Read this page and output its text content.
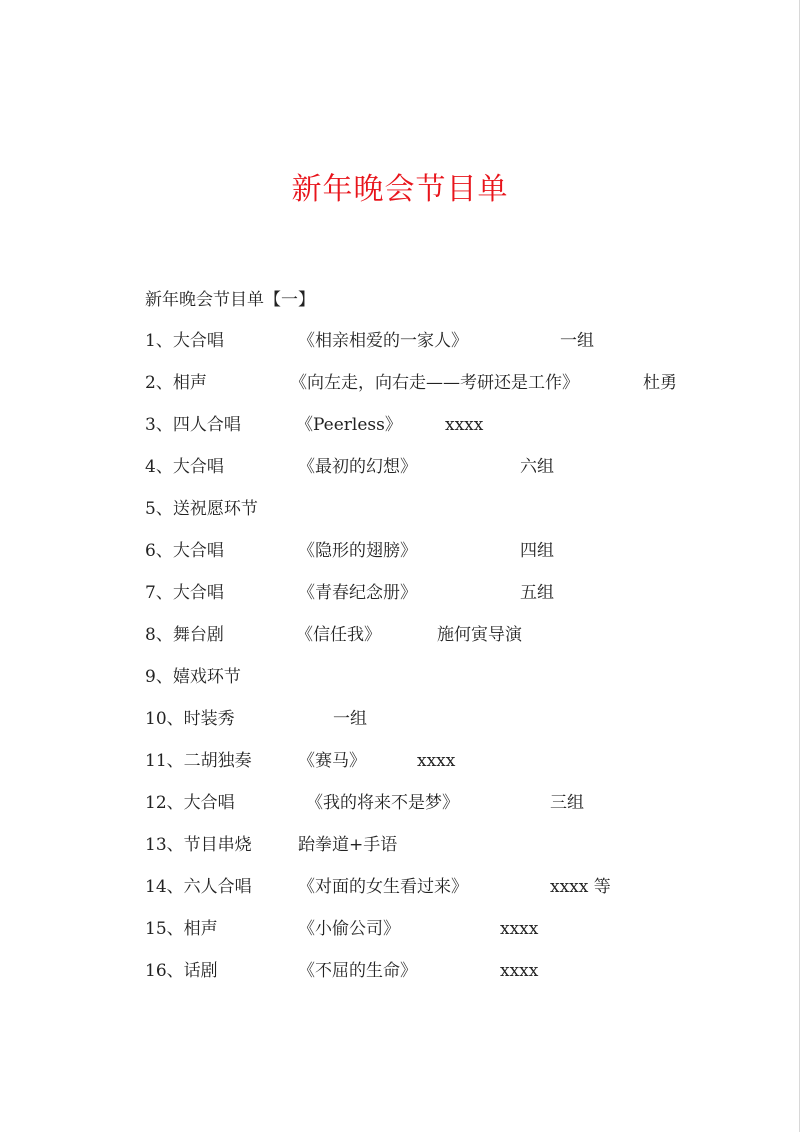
新年晚会节目单
新年晚会节目单【一】
1、大合唱	《相亲相爱的一家人》	一组
2、相声	《向左走，向右走——考研还是工作》	杜勇
3、四人合唱	《Peerless》	xxxx
4、大合唱	《最初的幻想》	六组
5、送祝愿环节
6、大合唱	《隐形的翅膀》	四组
7、大合唱	《青春纪念册》	五组
8、舞台剧	《信任我》	施何寅导演
9、嬉戏环节
10、时装秀	一组
11、二胡独奏	《赛马》	xxxx
12、大合唱	《我的将来不是梦》	三组
13、节目串烧	跆拳道+手语
14、六人合唱	《对面的女生看过来》	xxxx 等
15、相声	《小偷公司》	xxxx
16、话剧	《不屈的生命》	xxxx
